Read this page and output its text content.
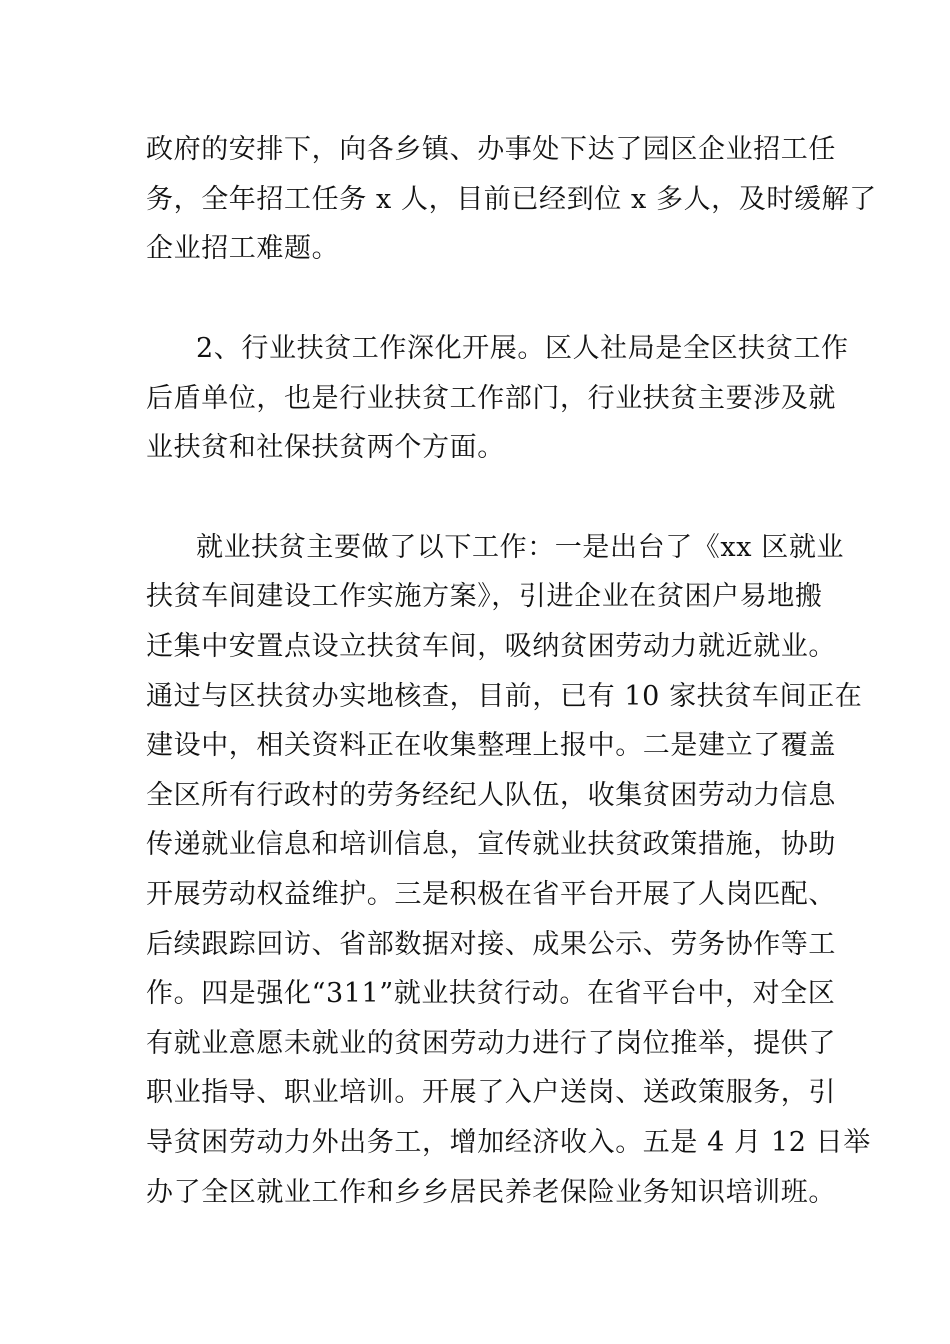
政府的安排下，向各乡镇、办事处下达了园区企业招工任
务，全年招工任务 x 人，目前已经到位 x 多人，及时缓解了
企业招工难题。
2、行业扶贫工作深化开展。区人社局是全区扶贫工作
后盾单位，也是行业扶贫工作部门，行业扶贫主要涉及就
业扶贫和社保扶贫两个方面。
就业扶贫主要做了以下工作：一是出台了《xx 区就业
扶贫车间建设工作实施方案》，引进企业在贫困户易地搬
迁集中安置点设立扶贫车间，吸纳贫困劳动力就近就业。
通过与区扶贫办实地核查，目前，已有 10 家扶贫车间正在
建设中，相关资料正在收集整理上报中。二是建立了覆盖
全区所有行政村的劳务经纪人队伍，收集贫困劳动力信息
传递就业信息和培训信息，宣传就业扶贫政策措施，协助
开展劳动权益维护。三是积极在省平台开展了人岗匹配、
后续跟踪回访、省部数据对接、成果公示、劳务协作等工
作。四是强化“311”就业扶贫行动。在省平台中，对全区
有就业意愿未就业的贫困劳动力进行了岗位推举，提供了
职业指导、职业培训。开展了入户送岗、送政策服务，引
导贫困劳动力外出务工，增加经济收入。五是 4 月 12 日举
办了全区就业工作和乡乡居民养老保险业务知识培训班。
